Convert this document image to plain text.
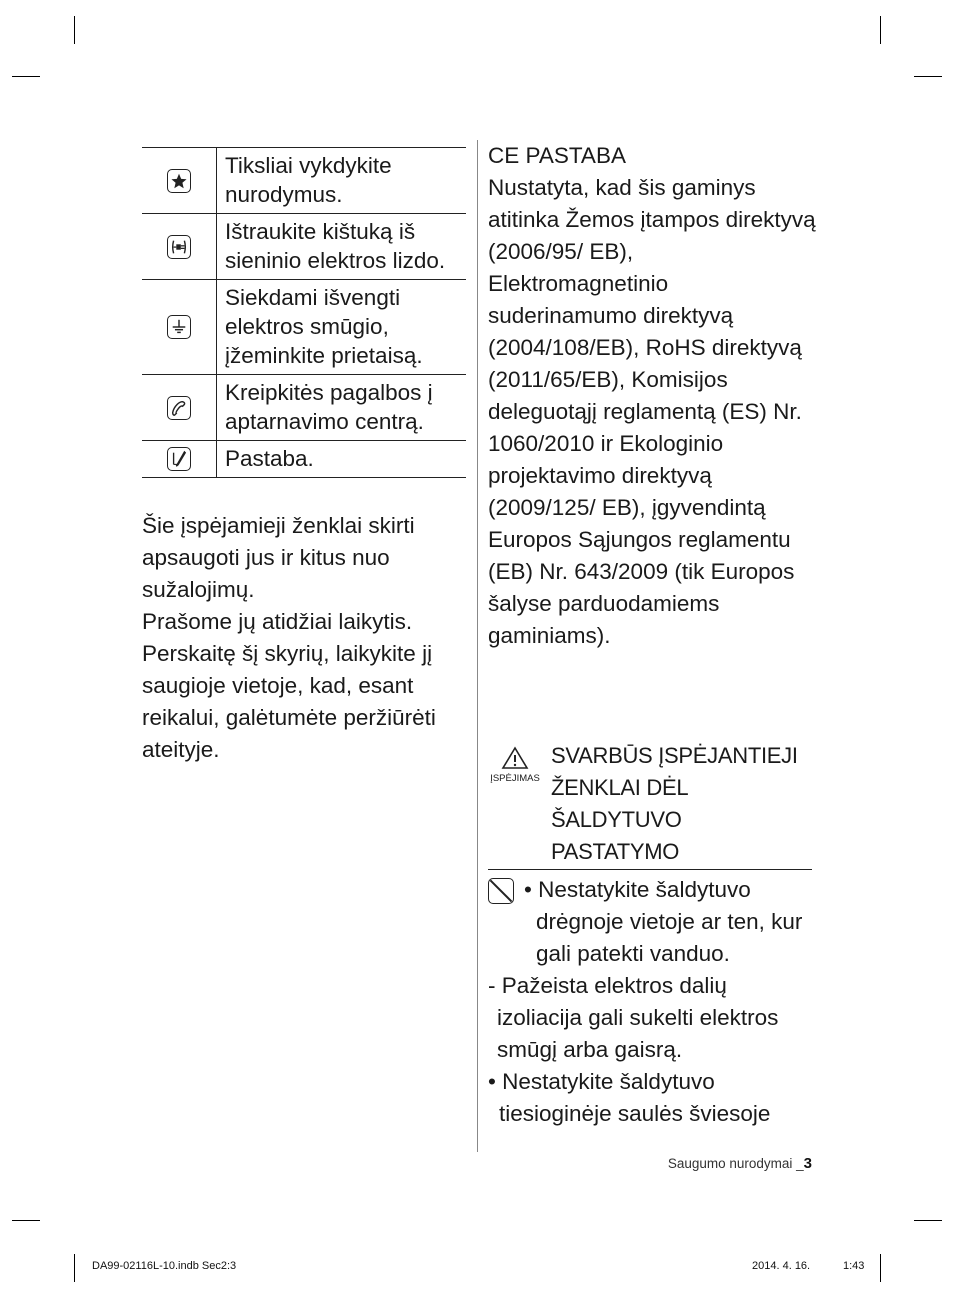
Tiksliai vykdykite nurodymus.
Ištraukite kištuką iš sieninio elektros lizdo.
Siekdami išvengti elektros smūgio, įžeminkite prietaisą.
Kreipkitės pagalbos į aptarnavimo centrą.
Pastaba.

Šie įspėjamieji ženklai skirti apsaugoti jus ir kitus nuo sužalojimų.

Prašome jų atidžiai laikytis.

Perskaitę šį skyrių, laikykite jį saugioje vietoje, kad, esant reikalui, galėtumėte peržiūrėti ateityje.

CE PASTABA

Nustatyta, kad šis gaminys atitinka Žemos įtampos direktyvą (2006/95/ EB), Elektromagnetinio suderinamumo direktyvą (2004/108/EB), RoHS direktyvą (2011/65/EB), Komisijos deleguotąjį reglamentą (ES) Nr. 1060/2010 ir Ekologinio projektavimo direktyvą (2009/125/ EB), įgyvendintą Europos Sąjungos reglamentu (EB) Nr. 643/2009 (tik Europos šalyse parduodamiems gaminiams).

ĮSPĖJIMAS
SVARBŪS ĮSPĖJANTIEJI ŽENKLAI DĖL ŠALDYTUVO PASTATYMO
• Nestatykite šaldytuvo
drėgnoje vietoje ar ten, kur gali patekti vanduo.
- Pažeista elektros dalių
izoliacija gali sukelti elektros smūgį arba gaisrą.
• Nestatykite šaldytuvo
tiesioginėje saulės šviesoje
Saugumo nurodymai _3
DA99-02116L-10.indb Sec2:3	2014. 4. 16.	1:43
